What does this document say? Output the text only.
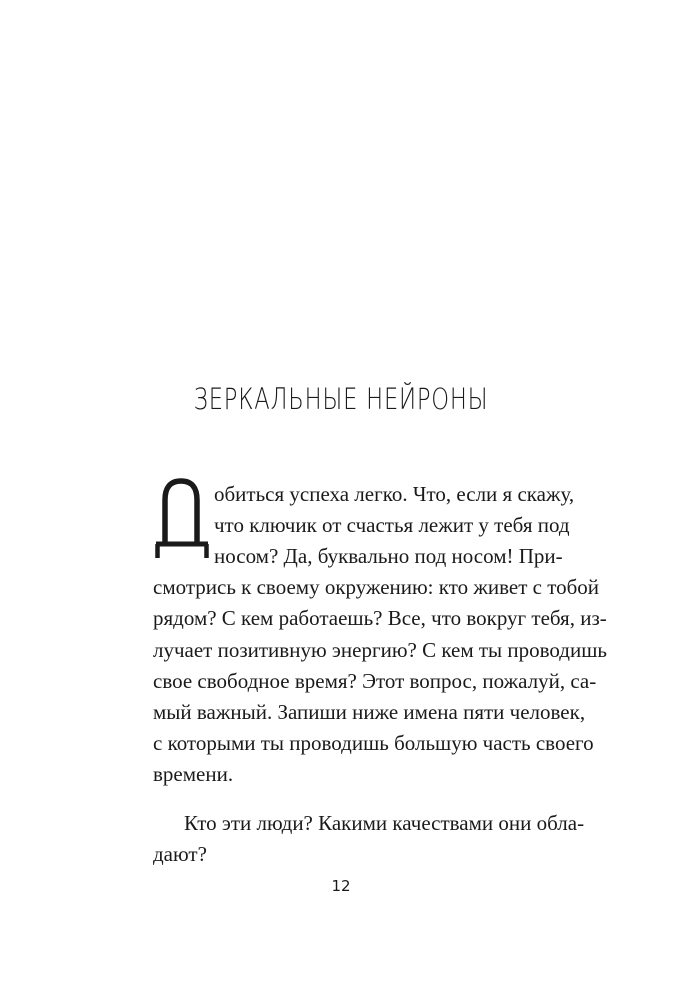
ЗЕРКАЛЬНЫЕ НЕЙРОНЫ
обиться успеха легко. Что, если я скажу,
что ключик от счастья лежит у тебя под
носом? Да, буквально под носом! При-
смотрись к своему окружению: кто живет с тобой
рядом? С кем работаешь? Все, что вокруг тебя, из-
лучает позитивную энергию? С кем ты проводишь
свое свободное время? Этот вопрос, пожалуй, са-
мый важный. Запиши ниже имена пяти человек,
с которыми ты проводишь большую часть своего
времени.
Кто эти люди? Какими качествами они обла-
дают?
12
